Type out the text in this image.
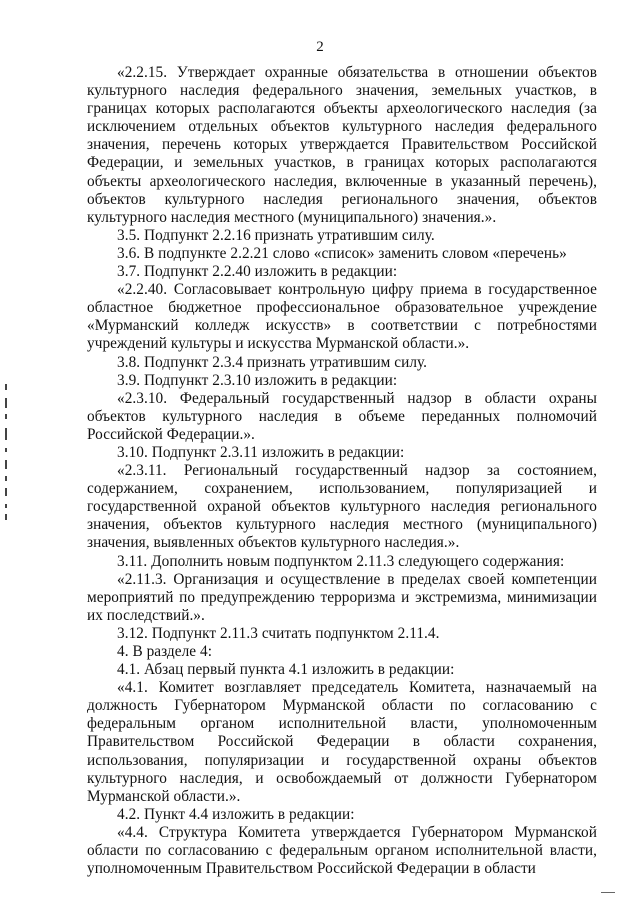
2

«2.2.15. Утверждает охранные обязательства в отношении объектов культурного наследия федерального значения, земельных участков, в границах которых располагаются объекты археологического наследия (за исключением отдельных объектов культурного наследия федерального значения, перечень которых утверждается Правительством Российской Федерации, и земельных участков, в границах которых располагаются объекты археологического наследия, включенные в указанный перечень), объектов культурного наследия регионального значения, объектов культурного наследия местного (муниципального) значения.».

3.5. Подпункт 2.2.16 признать утратившим силу.

3.6. В подпункте 2.2.21 слово «список» заменить словом «перечень»

3.7. Подпункт 2.2.40 изложить в редакции:

«2.2.40. Согласовывает контрольную цифру приема в государственное областное бюджетное профессиональное образовательное учреждение «Мурманский колледж искусств» в соответствии с потребностями учреждений культуры и искусства Мурманской области.».

3.8. Подпункт 2.3.4 признать утратившим силу.

3.9. Подпункт 2.3.10 изложить в редакции:

«2.3.10. Федеральный государственный надзор в области охраны объектов культурного наследия в объеме переданных полномочий Российской Федерации.».

3.10. Подпункт 2.3.11 изложить в редакции:

«2.3.11. Региональный государственный надзор за состоянием, содержанием, сохранением, использованием, популяризацией и государственной охраной объектов культурного наследия регионального значения, объектов культурного наследия местного (муниципального) значения, выявленных объектов культурного наследия.».

3.11. Дополнить новым подпунктом 2.11.3 следующего содержания:

«2.11.3. Организация и осуществление в пределах своей компетенции мероприятий по предупреждению терроризма и экстремизма, минимизации их последствий.».

3.12. Подпункт 2.11.3 считать подпунктом 2.11.4.

4. В разделе 4:

4.1. Абзац первый пункта 4.1 изложить в редакции:

«4.1. Комитет возглавляет председатель Комитета, назначаемый на должность Губернатором Мурманской области по согласованию с федеральным органом исполнительной власти, уполномоченным Правительством Российской Федерации в области сохранения, использования, популяризации и государственной охраны объектов культурного наследия, и освобождаемый от должности Губернатором Мурманской области.».

4.2. Пункт 4.4 изложить в редакции:

«4.4. Структура Комитета утверждается Губернатором Мурманской области по согласованию с федеральным органом исполнительной власти, уполномоченным Правительством Российской Федерации в области
